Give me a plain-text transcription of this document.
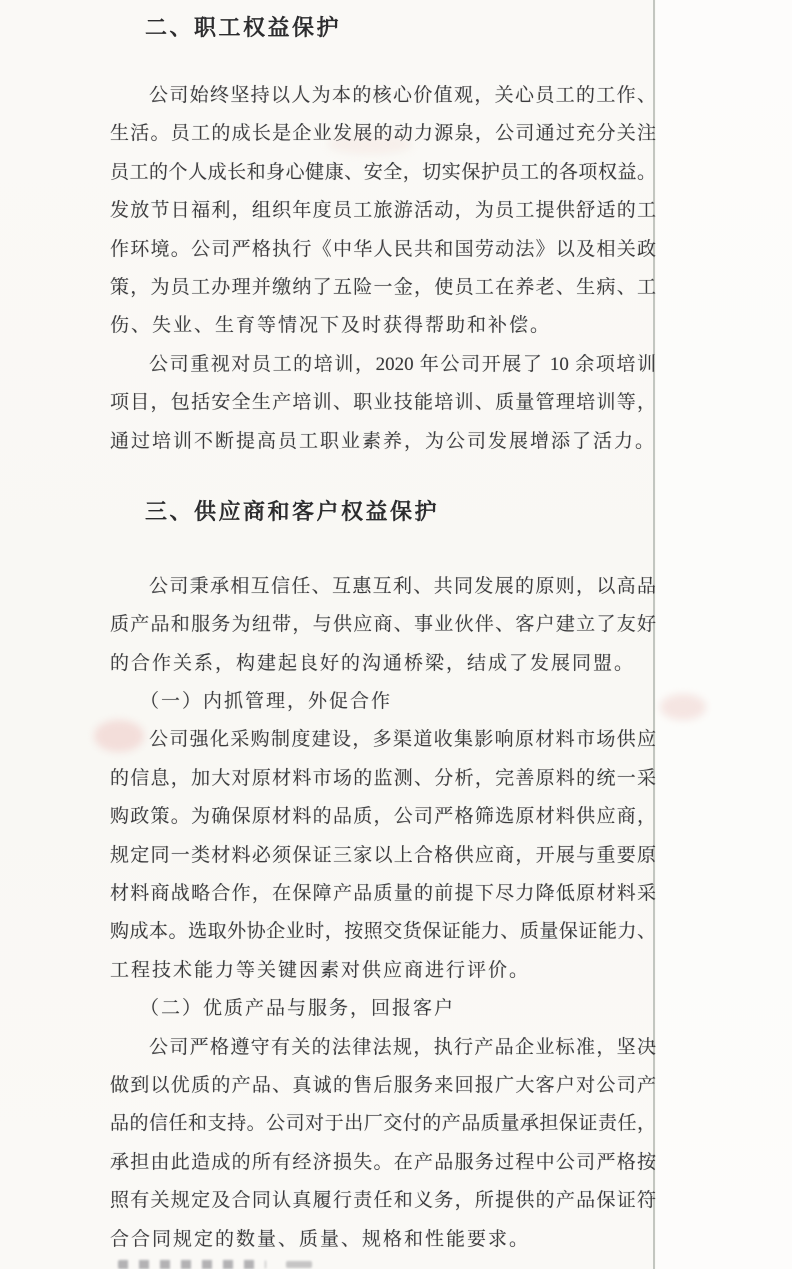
二、职工权益保护
公司始终坚持以人为本的核心价值观，关心员工的工作、
生活。员工的成长是企业发展的动力源泉，公司通过充分关注
员工的个人成长和身心健康、安全，切实保护员工的各项权益。
发放节日福利，组织年度员工旅游活动，为员工提供舒适的工
作环境。公司严格执行《中华人民共和国劳动法》以及相关政
策，为员工办理并缴纳了五险一金，使员工在养老、生病、工
伤、失业、生育等情况下及时获得帮助和补偿。
公司重视对员工的培训，2020 年公司开展了 10 余项培训
项目，包括安全生产培训、职业技能培训、质量管理培训等，
通过培训不断提高员工职业素养，为公司发展增添了活力。
三、供应商和客户权益保护
公司秉承相互信任、互惠互利、共同发展的原则，以高品
质产品和服务为纽带，与供应商、事业伙伴、客户建立了友好
的合作关系，构建起良好的沟通桥梁，结成了发展同盟。
（一）内抓管理，外促合作
公司强化采购制度建设，多渠道收集影响原材料市场供应
的信息，加大对原材料市场的监测、分析，完善原料的统一采
购政策。为确保原材料的品质，公司严格筛选原材料供应商，
规定同一类材料必须保证三家以上合格供应商，开展与重要原
材料商战略合作，在保障产品质量的前提下尽力降低原材料采
购成本。选取外协企业时，按照交货保证能力、质量保证能力、
工程技术能力等关键因素对供应商进行评价。
（二）优质产品与服务，回报客户
公司严格遵守有关的法律法规，执行产品企业标准，坚决
做到以优质的产品、真诚的售后服务来回报广大客户对公司产
品的信任和支持。公司对于出厂交付的产品质量承担保证责任，
承担由此造成的所有经济损失。在产品服务过程中公司严格按
照有关规定及合同认真履行责任和义务，所提供的产品保证符
合合同规定的数量、质量、规格和性能要求。
